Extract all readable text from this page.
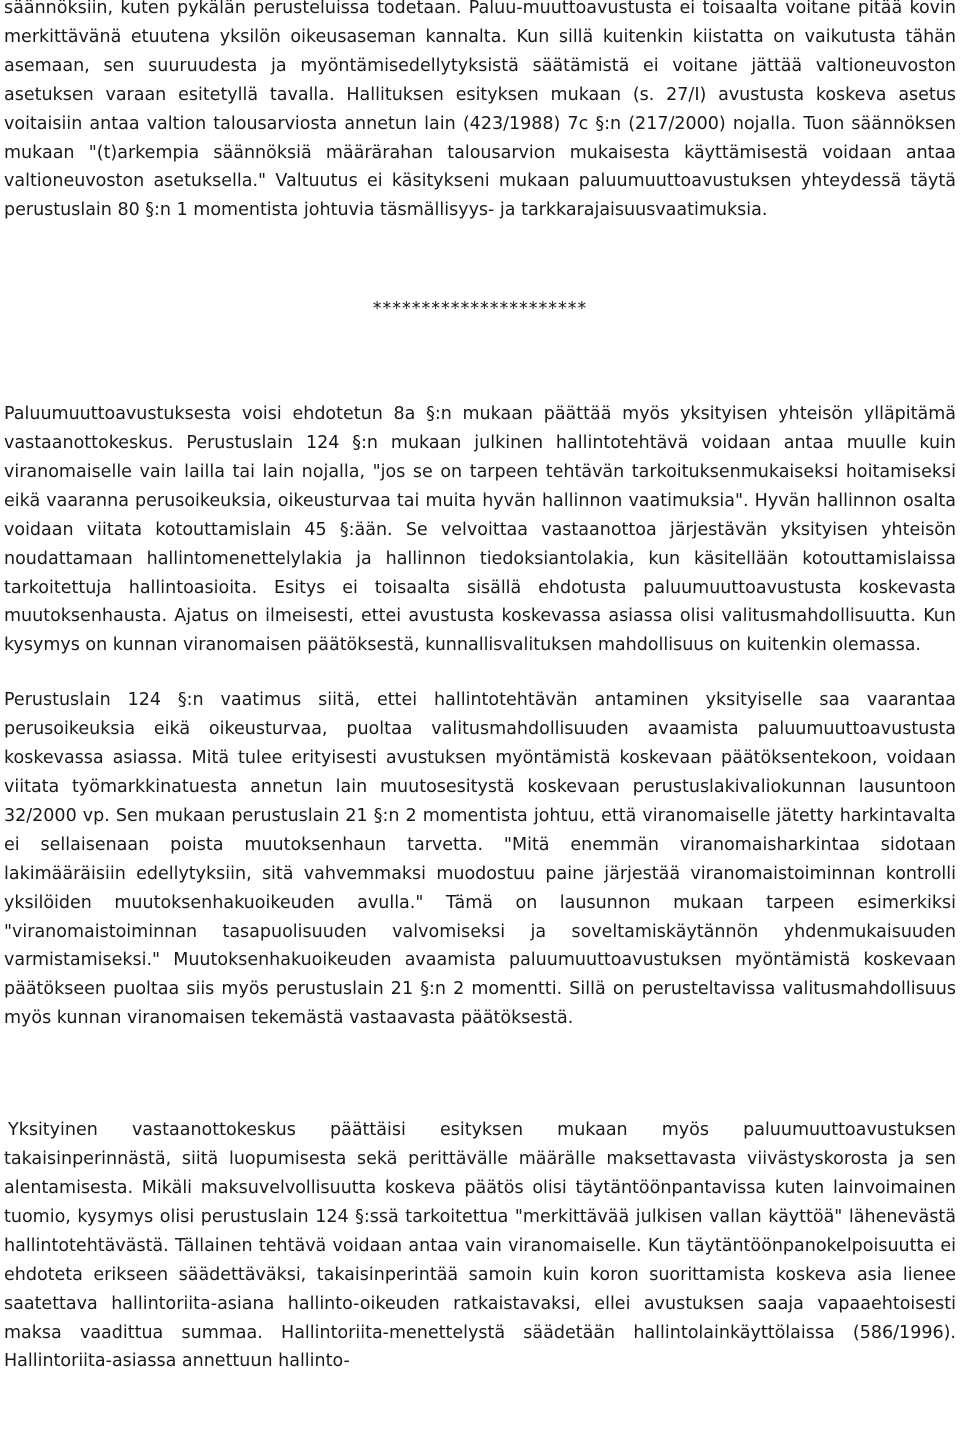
säännöksiin, kuten pykälän perusteluissa todetaan. Paluu-muuttoavustusta ei toisaalta voitane pitää kovin merkittävänä etuutena yksilön oikeusaseman kannalta. Kun sillä kuitenkin kiistatta on vaikutusta tähän asemaan, sen suuruudesta ja myöntämisedellytyksistä säätämistä ei voitane jättää valtioneuvoston asetuksen varaan esitetyllä tavalla. Hallituksen esityksen mukaan (s. 27/I) avustusta koskeva asetus voitaisiin antaa valtion talousarviosta annetun lain (423/1988) 7c §:n (217/2000) nojalla. Tuon säännöksen mukaan "(t)arkempia säännöksiä määrärahan talousarvion mukaisesta käyttämisestä voidaan antaa valtioneuvoston asetuksella." Valtuutus ei käsitykseni mukaan paluumuuttoavustuksen yhteydessä täytä perustuslain 80 §:n 1 momentista johtuvia täsmällisyys- ja tarkkarajaisuusvaatimuksia.

**********************

Paluumuuttoavustuksesta voisi ehdotetun 8a §:n mukaan päättää myös yksityisen yhteisön ylläpitämä vastaanottokeskus. Perustuslain 124 §:n mukaan julkinen hallintotehtävä voidaan antaa muulle kuin viranomaiselle vain lailla tai lain nojalla, "jos se on tarpeen tehtävän tarkoituksenmukaiseksi hoitamiseksi eikä vaaranna perusoikeuksia, oikeusturvaa tai muita hyvän hallinnon vaatimuksia". Hyvän hallinnon osalta voidaan viitata kotouttamislain 45 §:ään. Se velvoittaa vastaanottoa järjestävän yksityisen yhteisön noudattamaan hallintomenettelylakia ja hallinnon tiedoksiantolakia, kun käsitellään kotouttamislaissa tarkoitettuja hallintoasioita. Esitys ei toisaalta sisällä ehdotusta paluumuuttoavustusta koskevasta muutoksenhausta. Ajatus on ilmeisesti, ettei avustusta koskevassa asiassa olisi valitusmahdollisuutta. Kun kysymys on kunnan viranomaisen päätöksestä, kunnallisvalituksen mahdollisuus on kuitenkin olemassa.

Perustuslain 124 §:n vaatimus siitä, ettei hallintotehtävän antaminen yksityiselle saa vaarantaa perusoikeuksia eikä oikeusturvaa, puoltaa valitusmahdollisuuden avaamista paluumuuttoavustusta koskevassa asiassa. Mitä tulee erityisesti avustuksen myöntämistä koskevaan päätöksentekoon, voidaan viitata työmarkkinatuesta annetun lain muutosesitystä koskevaan perustuslakivaliokunnan lausuntoon 32/2000 vp. Sen mukaan perustuslain 21 §:n 2 momentista johtuu, että viranomaiselle jätetty harkintavalta ei sellaisenaan poista muutoksenhaun tarvetta. "Mitä enemmän viranomaisharkintaa sidotaan lakimääräisiin edellytyksiin, sitä vahvemmaksi muodostuu paine järjestää viranomaistoiminnan kontrolli yksilöiden muutoksenhakuoikeuden avulla." Tämä on lausunnon mukaan tarpeen esimerkiksi "viranomaistoiminnan tasapuolisuuden valvomiseksi ja soveltamiskäytännön yhdenmukaisuuden varmistamiseksi." Muutoksenhakuoikeuden avaamista paluumuuttoavustuksen myöntämistä koskevaan päätökseen puoltaa siis myös perustuslain 21 §:n 2 momentti. Sillä on perusteltavissa valitusmahdollisuus myös kunnan viranomaisen tekemästä vastaavasta päätöksestä.

Yksityinen vastaanottokeskus päättäisi esityksen mukaan myös paluumuuttoavustuksen takaisinperinnästä, siitä luopumisesta sekä perittävälle määrälle maksettavasta viivästyskorosta ja sen alentamisesta. Mikäli maksuvelvollisuutta koskeva päätös olisi täytäntöönpantavissa kuten lainvoimainen tuomio, kysymys olisi perustuslain 124 §:ssä tarkoitettua "merkittävää julkisen vallan käyttöä" lähenevästä hallintotehtävästä. Tällainen tehtävä voidaan antaa vain viranomaiselle. Kun täytäntöönpanokelpoisuutta ei ehdoteta erikseen säädettäväksi, takaisinperintää samoin kuin koron suorittamista koskeva asia lienee saatettava hallintoriita-asiana hallinto-oikeuden ratkaistavaksi, ellei avustuksen saaja vapaaehtoisesti maksa vaadittua summaa. Hallintoriita-menettelystä säädetään hallintolainkäyttölaissa (586/1996). Hallintoriita-asiassa annettuun hallinto-
